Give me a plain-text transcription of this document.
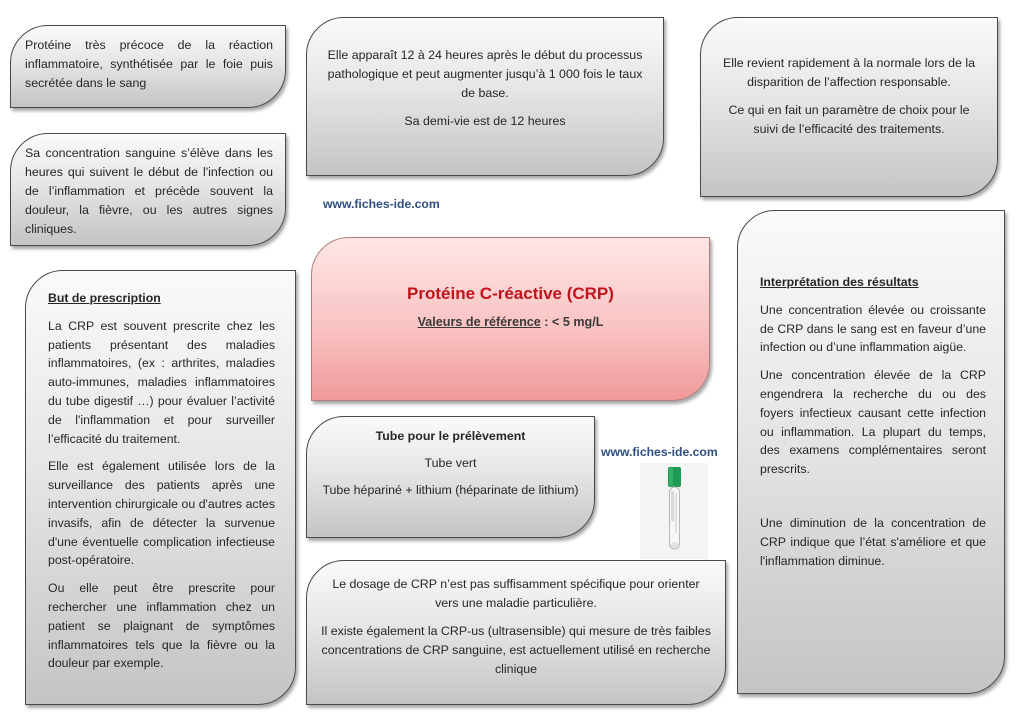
Protéine très précoce de la réaction inflammatoire, synthétisée par le foie puis secrétée dans le sang

Sa concentration sanguine s’élève dans les heures qui suivent le début de l'infection ou de l’inflammation et précède souvent la douleur, la fièvre, ou les autres signes cliniques.

Elle apparaît 12 à 24 heures après le début du processus pathologique et peut augmenter jusqu’à 1 000 fois le taux de base.

Sa demi-vie est de 12 heures

Elle revient rapidement à la normale lors de la disparition de l’affection responsable.

Ce qui en fait un paramètre de choix pour le suivi de l’efficacité des traitements.

www.fiches-ide.com
Protéine C-réactive (CRP)
Valeurs de référence : < 5 mg/L

But de prescription

La CRP est souvent prescrite chez les patients présentant des maladies inflammatoires, (ex : arthrites, maladies auto-immunes, maladies inflammatoires du tube digestif …) pour évaluer l’activité de l'inflammation et pour surveiller l’efficacité du traitement.

Elle est également utilisée lors de la surveillance des patients après une intervention chirurgicale ou d'autres actes invasifs, afin de détecter la survenue d'une éventuelle complication infectieuse post-opératoire.

Ou elle peut être prescrite pour rechercher une inflammation chez un patient se plaignant de symptômes inflammatoires tels que la fièvre ou la douleur par exemple.

Interprétation des résultats

Une concentration élevée ou croissante de CRP dans le sang est en faveur d’une infection ou d’une inflammation aigüe.

Une concentration élevée de la CRP engendrera la recherche du ou des foyers infectieux causant cette infection ou inflammation. La plupart du temps, des examens complémentaires seront prescrits.

Une diminution de la concentration de CRP indique que l’état s'améliore et que l'inflammation diminue.

Tube pour le prélèvement

Tube vert

Tube hépariné + lithium (héparinate de lithium)

www.fiches-ide.com

Le dosage de CRP n’est pas suffisamment spécifique pour orienter vers une maladie particulière.

Il existe également la CRP-us (ultrasensible) qui mesure de très faibles concentrations de CRP sanguine, est actuellement utilisé en recherche clinique
